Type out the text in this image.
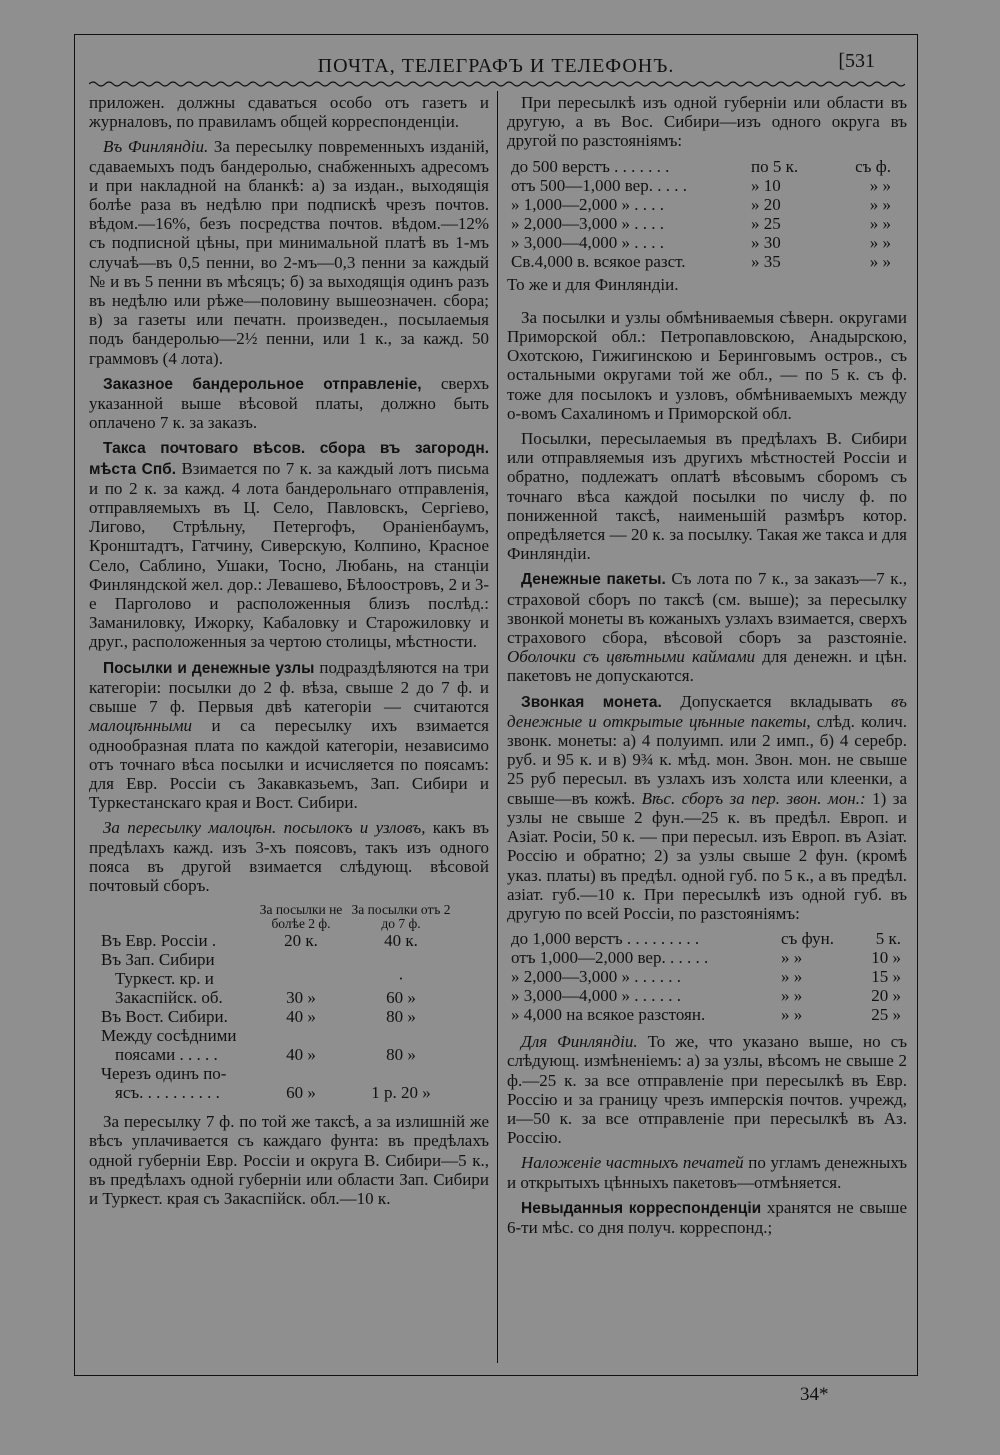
ПОЧТА, ТЕЛЕГРАФЪ И ТЕЛЕФОНЪ.	[531

приложен. должны сдаваться особо отъ газетъ и журналовъ, по правиламъ общей корреспонденціи.

Въ Финляндіи. За пересылку повременныхъ изданій, сдаваемыхъ подъ бандеролью, снабженныхъ адресомъ и при накладной на бланкѣ: а) за издан., выходящія болѣе раза въ недѣлю при подпискѣ чрезъ почтов. вѣдом.—16%, безъ посредства почтов. вѣдом.—12% съ подписной цѣны, при минимальной платѣ въ 1-мъ случаѣ—въ 0,5 пенни, во 2-мъ—0,3 пенни за каждый № и въ 5 пенни въ мѣсяцъ; б) за выходящія одинъ разъ въ недѣлю или рѣже—половину вышеозначен. сбора; в) за газеты или печатн. произведен., посылаемыя подъ бандеролью—2½ пенни, или 1 к., за кажд. 50 граммовъ (4 лота).

Заказное бандерольное отправленіе, сверхъ указанной выше вѣсовой платы, должно быть оплачено 7 к. за заказъ.

Такса почтоваго вѣсов. сбора въ загородн. мѣста Спб. Взимается по 7 к. за каждый лотъ письма и по 2 к. за кажд. 4 лота бандерольнаго отправленія, отправляемыхъ въ Ц. Село, Павловскъ, Сергіево, Лигово, Стрѣльну, Петергофъ, Ораніенбаумъ, Кронштадтъ, Гатчину, Сиверскую, Колпино, Красное Село, Саблино, Ушаки, Тосно, Любань, на станціи Финляндской жел. дор.: Левашево, Бѣлоостровъ, 2 и 3-е Парголово и расположенныя близъ послѣд.: Заманиловку, Ижорку, Кабаловку и Старожиловку и друг., расположенныя за чертою столицы, мѣстности.

Посылки и денежные узлы подраздѣляются на три категоріи: посылки до 2 ф. вѣза, свыше 2 до 7 ф. и свыше 7 ф. Первыя двѣ категоріи — считаются малоцѣнными и са пересылку ихъ взимается однообразная плата по каждой категоріи, независимо отъ точнаго вѣса посылки и исчисляется по поясамъ: для Евр. Россіи съ Закавказьемъ, Зап. Сибири и Туркестанскаго края и Вост. Сибири.

За пересылку малоцѣн. посылокъ и узловъ, какъ въ предѣлахъ кажд. изъ 3-хъ поясовъ, такъ изъ одного пояса въ другой взимается слѣдующ. вѣсовой почтовый сборъ.

	За посылки не болѣе 2 ф.	За посылки отъ 2 до 7 ф.
Въ Евр. Россіи .	20 к.	40 к.
Въ Зап. Сибири		
Туркест. кр. и		·
Закаспійск. об.	30 »	60 »
Въ Вост. Сибири.	40 »	80 »
Между сосѣдними		
поясами . . . . .	40 »	80 »
Черезъ одинъ по-		
ясъ. . . . . . . . . .	60 »	1 р. 20 »

За пересылку 7 ф. по той же таксѣ, а за излишній же вѣсъ уплачивается съ каждаго фунта: въ предѣлахъ одной губерніи Евр. Россіи и округа В. Сибири—5 к., въ предѣлахъ одной губерніи или области Зап. Сибири и Туркест. края съ Закаспійск. обл.—10 к.

При пересылкѣ изъ одной губерніи или области въ другую, а въ Вос. Сибири—изъ одного округа въ другой по разстояніямъ:

до 500 верстъ . . . . . . .	по 5 к.	съ ф.
отъ 500—1,000 вер. . . . .	» 10	» »
» 1,000—2,000 » . . . .	» 20	» »
» 2,000—3,000 » . . . .	» 25	» »
» 3,000—4,000 » . . . .	» 30	» »
Св.4,000 в. всякое разст.	» 35	» »

То же и для Финляндіи.

За посылки и узлы обмѣниваемыя сѣверн. округами Приморской обл.: Петропавловскою, Анадырскою, Охотскою, Гижигинскою и Беринговымъ остров., съ остальными округами той же обл., — по 5 к. съ ф. тоже для посылокъ и узловъ, обмѣниваемыхъ между о-вомъ Сахалиномъ и Приморской обл.

Посылки, пересылаемыя въ предѣлахъ В. Сибири или отправляемыя изъ другихъ мѣстностей Россіи и обратно, подлежатъ оплатѣ вѣсовымъ сборомъ съ точнаго вѣса каждой посылки по числу ф. по пониженной таксѣ, наименьшій размѣръ котор. опредѣляется — 20 к. за посылку. Такая же такса и для Финляндіи.

Денежные пакеты. Съ лота по 7 к., за заказъ—7 к., страховой сборъ по таксѣ (см. выше); за пересылку звонкой монеты въ кожаныхъ узлахъ взимается, сверхъ страхового сбора, вѣсовой сборъ за разстояніе. Оболочки съ цвѣтными каймами для денежн. и цѣн. пакетовъ не допускаются.

Звонкая монета. Допускается вкладывать въ денежные и открытые цѣнные пакеты, слѣд. колич. звонк. монеты: а) 4 полуимп. или 2 имп., б) 4 серебр. руб. и 95 к. и в) 9¾ к. мѣд. мон. Звон. мон. не свыше 25 руб пересыл. въ узлахъ изъ холста или клеенки, а свыше—въ кожѣ. Вѣс. сборъ за пер. звон. мон.: 1) за узлы не свыше 2 фун.—25 к. въ предѣл. Европ. и Азіат. Росіи, 50 к. — при пересыл. изъ Европ. въ Азіат. Россію и обратно; 2) за узлы свыше 2 фун. (кромѣ указ. платы) въ предѣл. одной губ. по 5 к., а въ предѣл. азіат. губ.—10 к. При пересылкѣ изъ одной губ. въ другую по всей Россіи, по разстояніямъ:

до 1,000 верстъ . . . . . . . . .	съ фун.	5 к.
отъ 1,000—2,000 вер. . . . . .	» »	10 »
» 2,000—3,000 » . . . . . .	» »	15 »
» 3,000—4,000 » . . . . . .	» »	20 »
» 4,000 на всякое разстоян.	» »	25 »

Для Финляндіи. То же, что указано выше, но съ слѣдующ. измѣненіемъ: а) за узлы, вѣсомъ не свыше 2 ф.—25 к. за все отправленіе при пересылкѣ въ Евр. Россію и за границу чрезъ имперскія почтов. учрежд, и—50 к. за все отправленіе при пересылкѣ въ Аз. Россію.

Наложеніе частныхъ печатей по угламъ денежныхъ и открытыхъ цѣнныхъ пакетовъ—отмѣняется.

Невыданныя корреспонденціи хранятся не свыше 6-ти мѣс. со дня получ. корреспонд.;

34*
